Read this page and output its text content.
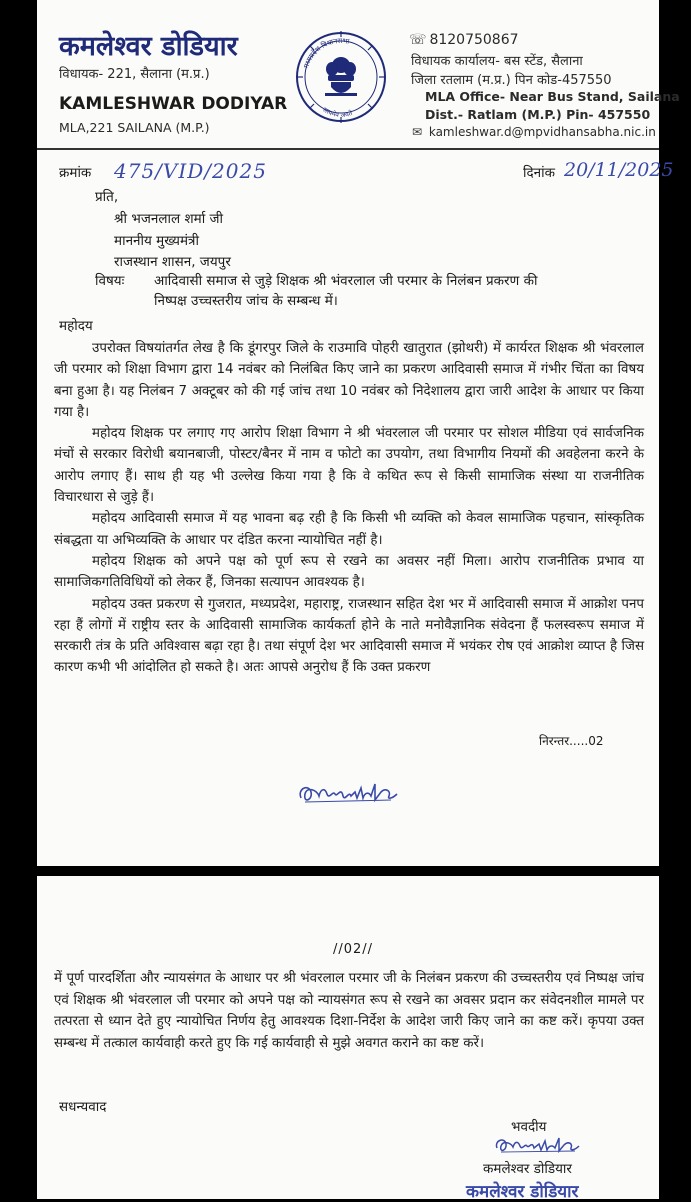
कमलेश्वर डोडियार
विधायक- 221, सैलाना (म.प्र.)
KAMLESHWAR DODIYAR
MLA,221 SAILANA (M.P.)
मध्यप्रदेश विधानसभा
सत्यमेव जयते
☏ 8120750867
विधायक कार्यालय- बस स्टेंड, सैलाना
जिला रतलाम (म.प्र.) पिन कोड-457550
MLA Office- Near Bus Stand, Sailana
Dist.- Ratlam (M.P.) Pin- 457550
✉ kamleshwar.d@mpvidhansabha.nic.in
क्रमांक 475/VID/2025	दिनांक 20/11/2025
प्रति,
श्री भजनलाल शर्मा जी
माननीय मुख्यमंत्री
राजस्थान शासन, जयपुर
विषयः आदिवासी समाज से जुड़े शिक्षक श्री भंवरलाल जी परमार के निलंबन प्रकरण की
निष्पक्ष उच्चस्तरीय जांच के सम्बन्ध में।
महोदय

उपरोक्त विषयांतर्गत लेख है कि डूंगरपुर जिले के राउमावि पोहरी खातुरात (झोथरी) में कार्यरत शिक्षक श्री भंवरलाल जी परमार को शिक्षा विभाग द्वारा 14 नवंबर को निलंबित किए जाने का प्रकरण आदिवासी समाज में गंभीर चिंता का विषय बना हुआ है। यह निलंबन 7 अक्टूबर को की गई जांच तथा 10 नवंबर को निदेशालय द्वारा जारी आदेश के आधार पर किया गया है।

महोदय शिक्षक पर लगाए गए आरोप शिक्षा विभाग ने श्री भंवरलाल जी परमार पर सोशल मीडिया एवं सार्वजनिक मंचों से सरकार विरोधी बयानबाजी, पोस्टर/बैनर में नाम व फोटो का उपयोग, तथा विभागीय नियमों की अवहेलना करने के आरोप लगाए हैं। साथ ही यह भी उल्लेख किया गया है कि वे कथित रूप से किसी सामाजिक संस्था या राजनीतिक विचारधारा से जुड़े हैं।

महोदय आदिवासी समाज में यह भावना बढ़ रही है कि किसी भी व्यक्ति को केवल सामाजिक पहचान, सांस्कृतिक संबद्धता या अभिव्यक्ति के आधार पर दंडित करना न्यायोचित नहीं है।

महोदय शिक्षक को अपने पक्ष को पूर्ण रूप से रखने का अवसर नहीं मिला। आरोप राजनीतिक प्रभाव या सामाजिकगतिविधियों को लेकर हैं, जिनका सत्यापन आवश्यक है।

महोदय उक्त प्रकरण से गुजरात, मध्यप्रदेश, महाराष्ट्र, राजस्थान सहित देश भर में आदिवासी समाज में आक्रोश पनप रहा हैं लोगों में राष्ट्रीय स्तर के आदिवासी सामाजिक कार्यकर्ता होने के नाते मनोवैज्ञानिक संवेदना हैं फलस्वरूप समाज में सरकारी तंत्र के प्रति अविश्वास बढ़ा रहा है। तथा संपूर्ण देश भर आदिवासी समाज में भयंकर रोष एवं आक्रोश व्याप्त है जिस कारण कभी भी आंदोलित हो सकते है। अतः आपसे अनुरोध हैं कि उक्त प्रकरण

निरन्तर.....02
//02//

में पूर्ण पारदर्शिता और न्यायसंगत के आधार पर श्री भंवरलाल परमार जी के निलंबन प्रकरण की उच्चस्तरीय एवं निष्पक्ष जांच एवं शिक्षक श्री भंवरलाल जी परमार को अपने पक्ष को न्यायसंगत रूप से रखने का अवसर प्रदान कर संवेदनशील मामले पर तत्परता से ध्यान देते हुए न्यायोचित निर्णय हेतु आवश्यक दिशा-निर्देश के आदेश जारी किए जाने का कष्ट करें। कृपया उक्त सम्बन्ध में तत्काल कार्यवाही करते हुए कि गई कार्यवाही से मुझे अवगत कराने का कष्ट करें।

सधन्यवाद
भवदीय
कमलेश्वर डोडियार
कमलेश्वर डोडियार
